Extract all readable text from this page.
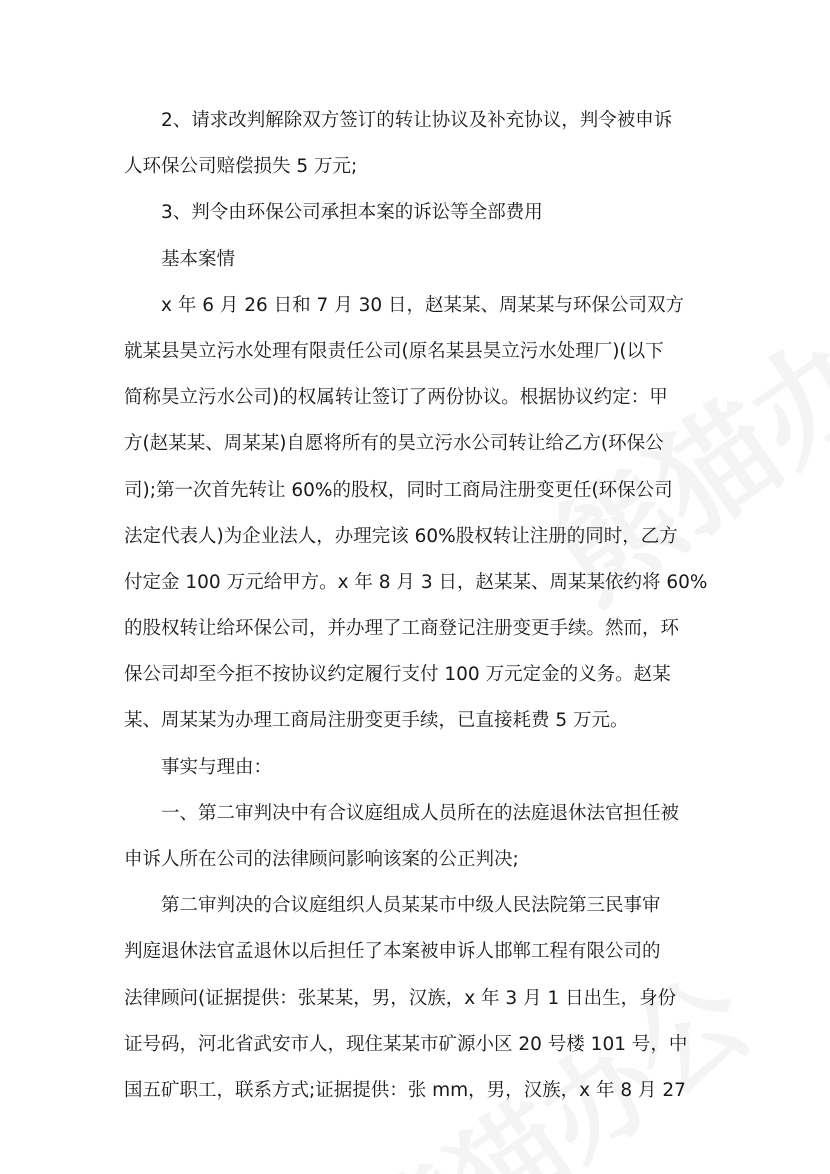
2、请求改判解除双方签订的转让协议及补充协议，判令被申诉
人环保公司赔偿损失 5 万元;
3、判令由环保公司承担本案的诉讼等全部费用
基本案情
x 年 6 月 26 日和 7 月 30 日，赵某某、周某某与环保公司双方
就某县昊立污水处理有限责任公司(原名某县昊立污水处理厂)(以下
简称昊立污水公司)的权属转让签订了两份协议。根据协议约定：甲
方(赵某某、周某某)自愿将所有的昊立污水公司转让给乙方(环保公
司);第一次首先转让 60%的股权，同时工商局注册变更任(环保公司
法定代表人)为企业法人，办理完该 60%股权转让注册的同时，乙方
付定金 100 万元给甲方。x 年 8 月 3 日，赵某某、周某某依约将 60%
的股权转让给环保公司，并办理了工商登记注册变更手续。然而，环
保公司却至今拒不按协议约定履行支付 100 万元定金的义务。赵某
某、周某某为办理工商局注册变更手续，已直接耗费 5 万元。
事实与理由：
一、第二审判决中有合议庭组成人员所在的法庭退休法官担任被
申诉人所在公司的法律顾问影响该案的公正判决;
第二审判决的合议庭组织人员某某市中级人民法院第三民事审
判庭退休法官孟退休以后担任了本案被申诉人邯郸工程有限公司的
法律顾问(证据提供：张某某，男，汉族，x 年 3 月 1 日出生，身份
证号码，河北省武安市人，现住某某市矿源小区 20 号楼 101 号，中
国五矿职工，联系方式;证据提供：张 mm，男，汉族，x 年 8 月 27
